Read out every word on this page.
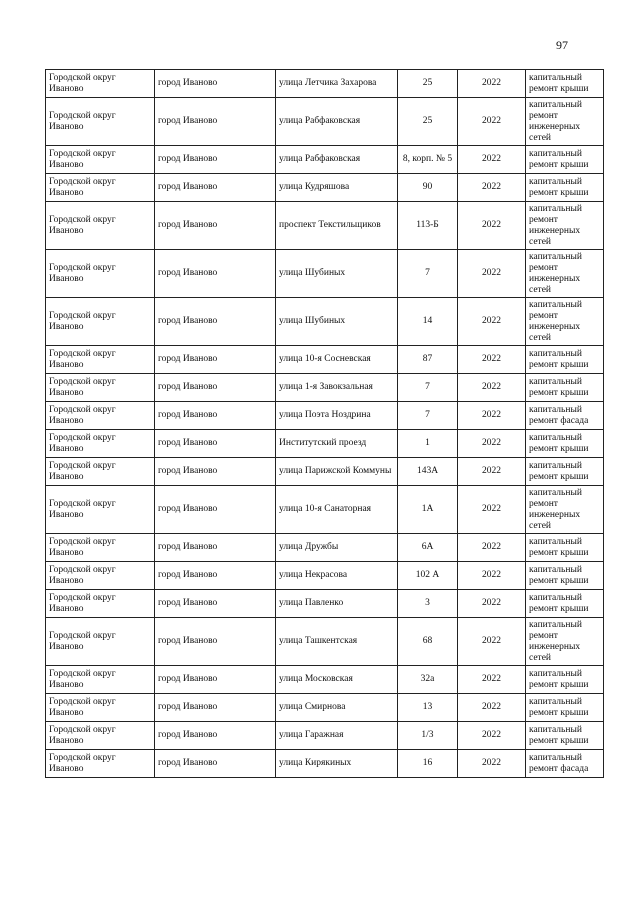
97
Городской округ Иваново	город Иваново	улица Летчика Захарова	25	2022	капитальный ремонт крыши
Городской округ Иваново	город Иваново	улица Рабфаковская	25	2022	капитальный ремонт инженерных сетей
Городской округ Иваново	город Иваново	улица Рабфаковская	8, корп. № 5	2022	капитальный ремонт крыши
Городской округ Иваново	город Иваново	улица Кудряшова	90	2022	капитальный ремонт крыши
Городской округ Иваново	город Иваново	проспект Текстильщиков	113-Б	2022	капитальный ремонт инженерных сетей
Городской округ Иваново	город Иваново	улица Шубиных	7	2022	капитальный ремонт инженерных сетей
Городской округ Иваново	город Иваново	улица Шубиных	14	2022	капитальный ремонт инженерных сетей
Городской округ Иваново	город Иваново	улица 10-я Сосневская	87	2022	капитальный ремонт крыши
Городской округ Иваново	город Иваново	улица 1-я Завокзальная	7	2022	капитальный ремонт крыши
Городской округ Иваново	город Иваново	улица Поэта Ноздрина	7	2022	капитальный ремонт фасада
Городской округ Иваново	город Иваново	Институтский проезд	1	2022	капитальный ремонт крыши
Городской округ Иваново	город Иваново	улица Парижской Коммуны	143А	2022	капитальный ремонт крыши
Городской округ Иваново	город Иваново	улица 10-я Санаторная	1А	2022	капитальный ремонт инженерных сетей
Городской округ Иваново	город Иваново	улица Дружбы	6А	2022	капитальный ремонт крыши
Городской округ Иваново	город Иваново	улица Некрасова	102 А	2022	капитальный ремонт крыши
Городской округ Иваново	город Иваново	улица Павленко	3	2022	капитальный ремонт крыши
Городской округ Иваново	город Иваново	улица Ташкентская	68	2022	капитальный ремонт инженерных сетей
Городской округ Иваново	город Иваново	улица Московская	32а	2022	капитальный ремонт крыши
Городской округ Иваново	город Иваново	улица Смирнова	13	2022	капитальный ремонт крыши
Городской округ Иваново	город Иваново	улица Гаражная	1/3	2022	капитальный ремонт крыши
Городской округ Иваново	город Иваново	улица Кирякиных	16	2022	капитальный ремонт фасада
